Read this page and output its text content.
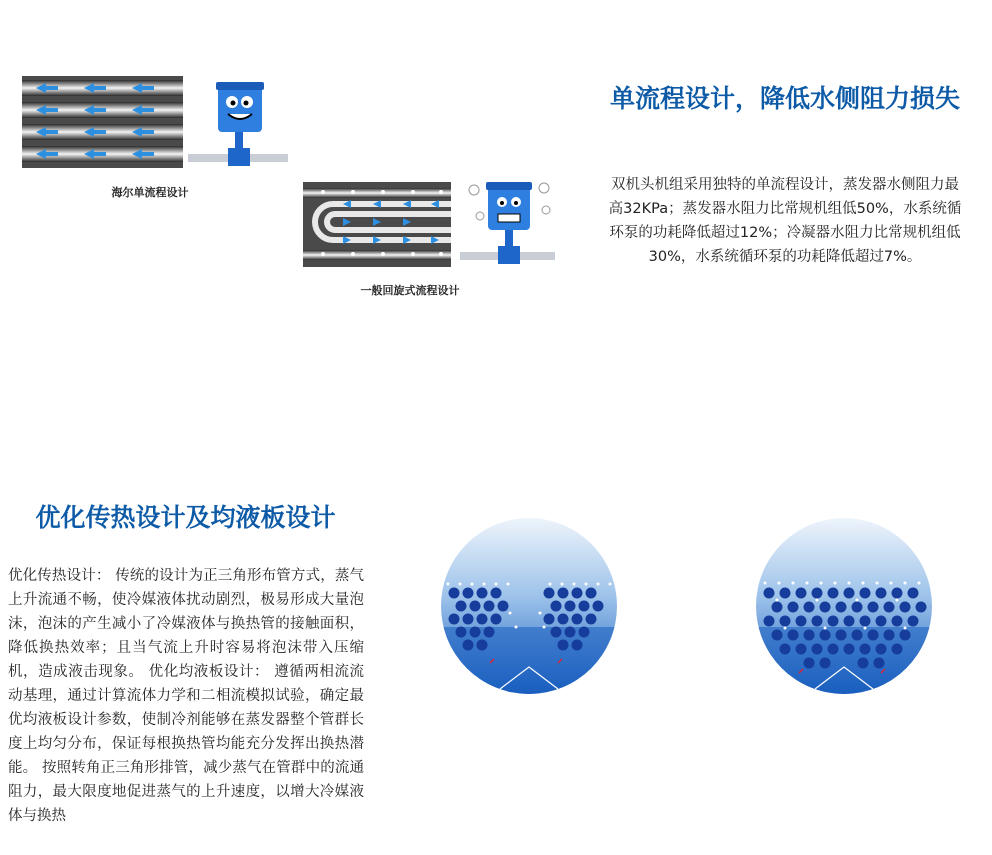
海尔单流程设计
一般回旋式流程设计
单流程设计，降低水侧阻力损失
双机头机组采用独特的单流程设计，蒸发器水侧阻力最高32KPa；蒸发器水阻力比常规机组低50%，水系统循环泵的功耗降低超过12%；冷凝器水阻力比常规机组低30%，水系统循环泵的功耗降低超过7%。
优化传热设计及均液板设计
优化传热设计： 传统的设计为正三角形布管方式，蒸气上升流通不畅，使冷媒液体扰动剧烈，极易形成大量泡沫，泡沫的产生减小了冷媒液体与换热管的接触面积，降低换热效率；且当气流上升时容易将泡沫带入压缩机，造成液击现象。 优化均液板设计： 遵循两相流流动基理，通过计算流体力学和二相流模拟试验，确定最优均液板设计参数，使制冷剂能够在蒸发器整个管群长度上均匀分布，保证每根换热管均能充分发挥出换热潜能。 按照转角正三角形排管，减少蒸气在管群中的流通阻力，最大限度地促进蒸气的上升速度，以增大冷媒液体与换热
